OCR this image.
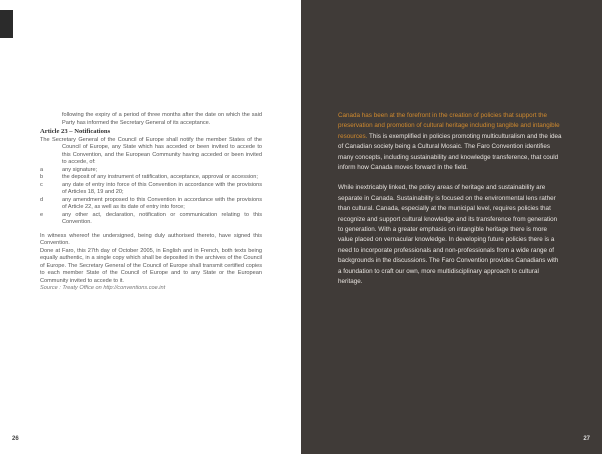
following the expiry of a period of three months after the date on which the said Party has informed the Secretary General of its acceptance.

Article 23 – Notifications

The Secretary General of the Council of Europe shall notify the member States of the Council of Europe, any State which has acceded or been invited to accede to this Convention, and the European Community having acceded or been invited to accede, of:

a	any signature;
b	the deposit of any instrument of ratification, acceptance, approval or accession;
c	any date of entry into force of this Convention in accordance with the provisions of Articles 18, 19 and 20;
d	any amendment proposed to this Convention in accordance with the provisions of Article 22, as well as its date of entry into force;
e	any other act, declaration, notification or communication relating to this Convention.

In witness whereof the undersigned, being duly authorised thereto, have signed this Convention.

Done at Faro, this 27th day of October 2005, in English and in French, both texts being equally authentic, in a single copy which shall be deposited in the archives of the Council of Europe. The Secretary General of the Council of Europe shall transmit certified copies to each member State of the Council of Europe and to any State or the European Community invited to accede to it.

Source : Treaty Office on http://conventions.coe.int

26	27

Canada has been at the forefront in the creation of policies that support the preservation and promotion of cultural heritage including tangible and intangible resources. This is exemplified in policies promoting multiculturalism and the idea of Canadian society being a Cultural Mosaic. The Faro Convention identifies many concepts, including sustainability and knowledge transference, that could inform how Canada moves forward in the field.

While inextricably linked, the policy areas of heritage and sustainability are separate in Canada. Sustainability is focused on the environmental lens rather than cultural. Canada, especially at the municipal level, requires policies that recognize and support cultural knowledge and its transference from generation to generation. With a greater emphasis on intangible heritage there is more value placed on vernacular knowledge. In developing future policies there is a need to incorporate professionals and non-professionals from a wide range of backgrounds in the discussions. The Faro Convention provides Canadians with a foundation to craft our own, more multidisciplinary approach to cultural heritage.
